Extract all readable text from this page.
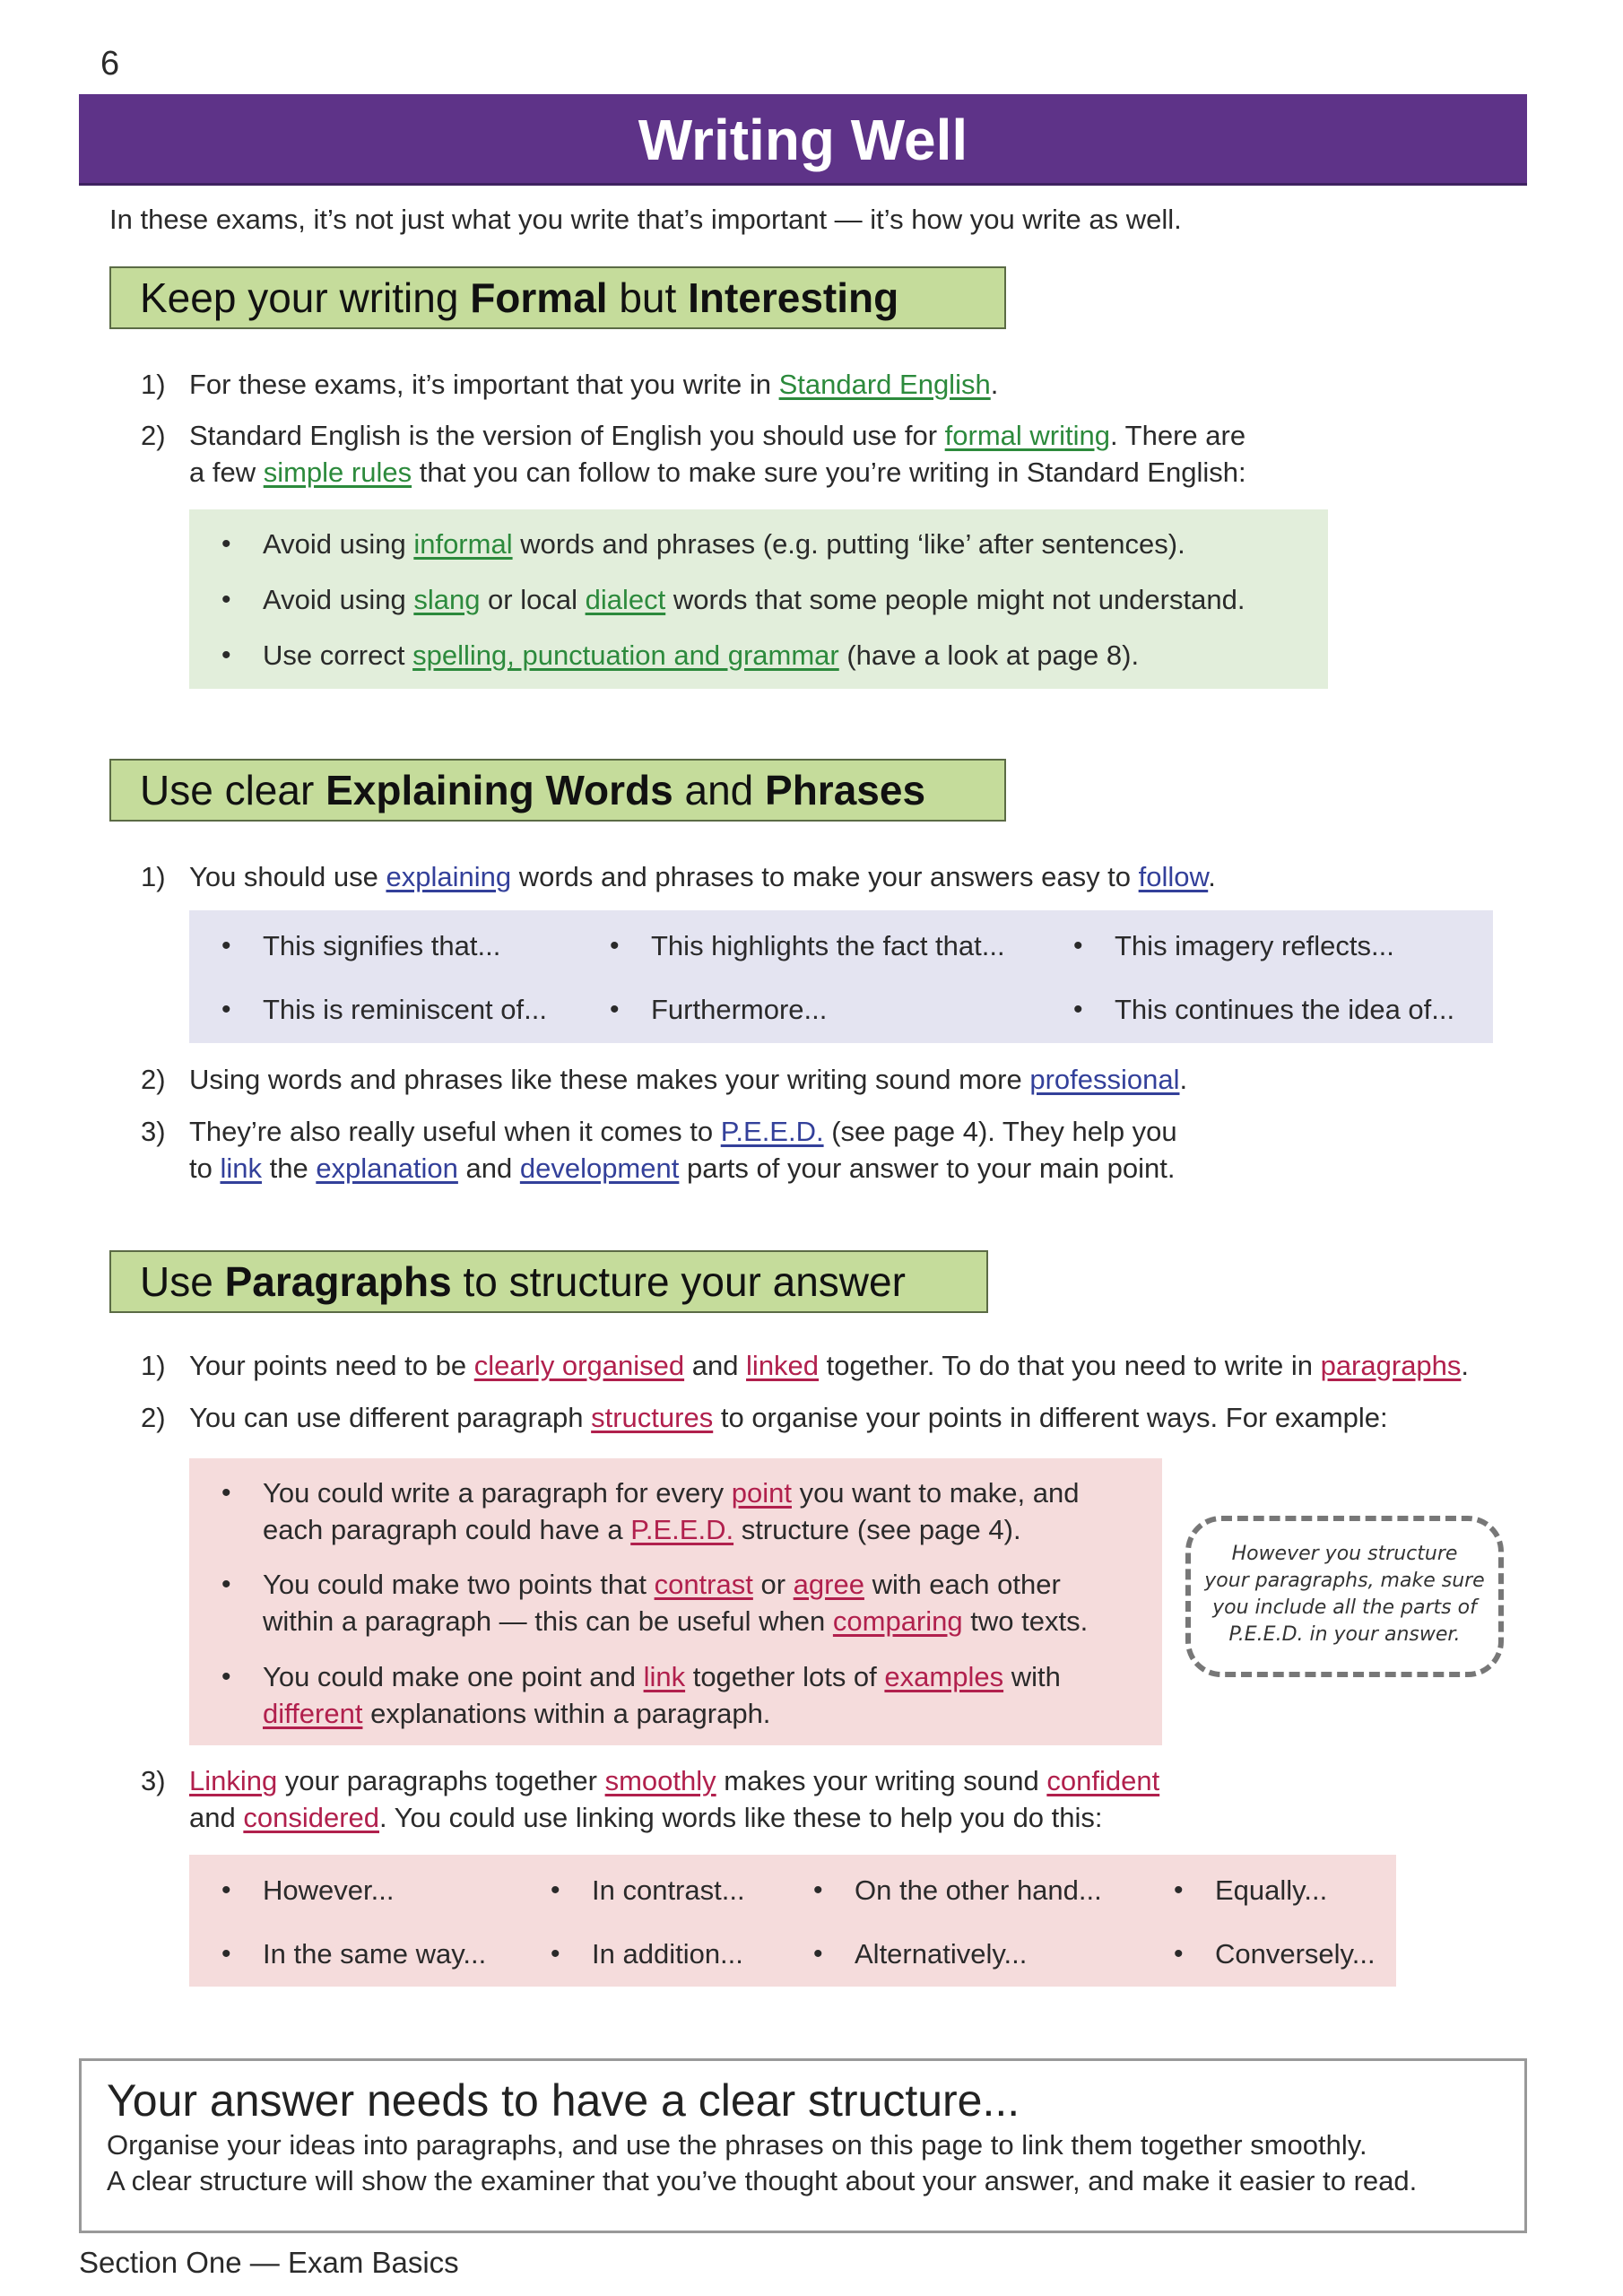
6
Writing Well
In these exams, it’s not just what you write that’s important — it’s how you write as well.
Keep your writing Formal but Interesting
1) For these exams, it’s important that you write in Standard English.
2) Standard English is the version of English you should use for formal writing. There are
a few simple rules that you can follow to make sure you’re writing in Standard English:
• Avoid using informal words and phrases (e.g. putting ‘like’ after sentences).
• Avoid using slang or local dialect words that some people might not understand.
• Use correct spelling, punctuation and grammar (have a look at page 8).
Use clear Explaining Words and Phrases
1) You should use explaining words and phrases to make your answers easy to follow.
• This signifies that...	• This highlights the fact that...	• This imagery reflects...
• This is reminiscent of...	• Furthermore...	• This continues the idea of...
2) Using words and phrases like these makes your writing sound more professional.
3) They’re also really useful when it comes to P.E.E.D. (see page 4). They help you
to link the explanation and development parts of your answer to your main point.
Use Paragraphs to structure your answer
1) Your points need to be clearly organised and linked together. To do that you need to write in paragraphs.
2) You can use different paragraph structures to organise your points in different ways. For example:
• You could write a paragraph for every point you want to make, and
each paragraph could have a P.E.E.D. structure (see page 4).
• You could make two points that contrast or agree with each other
within a paragraph — this can be useful when comparing two texts.
• You could make one point and link together lots of examples with
different explanations within a paragraph.
However you structure
your paragraphs, make sure
you include all the parts of
P.E.E.D. in your answer.
3) Linking your paragraphs together smoothly makes your writing sound confident
and considered. You could use linking words like these to help you do this:
• However...	• In contrast...	• On the other hand...	• Equally...
• In the same way...	• In addition...	• Alternatively...	• Conversely...
Your answer needs to have a clear structure...
Organise your ideas into paragraphs, and use the phrases on this page to link them together smoothly.
A clear structure will show the examiner that you’ve thought about your answer, and make it easier to read.
Section One — Exam Basics
